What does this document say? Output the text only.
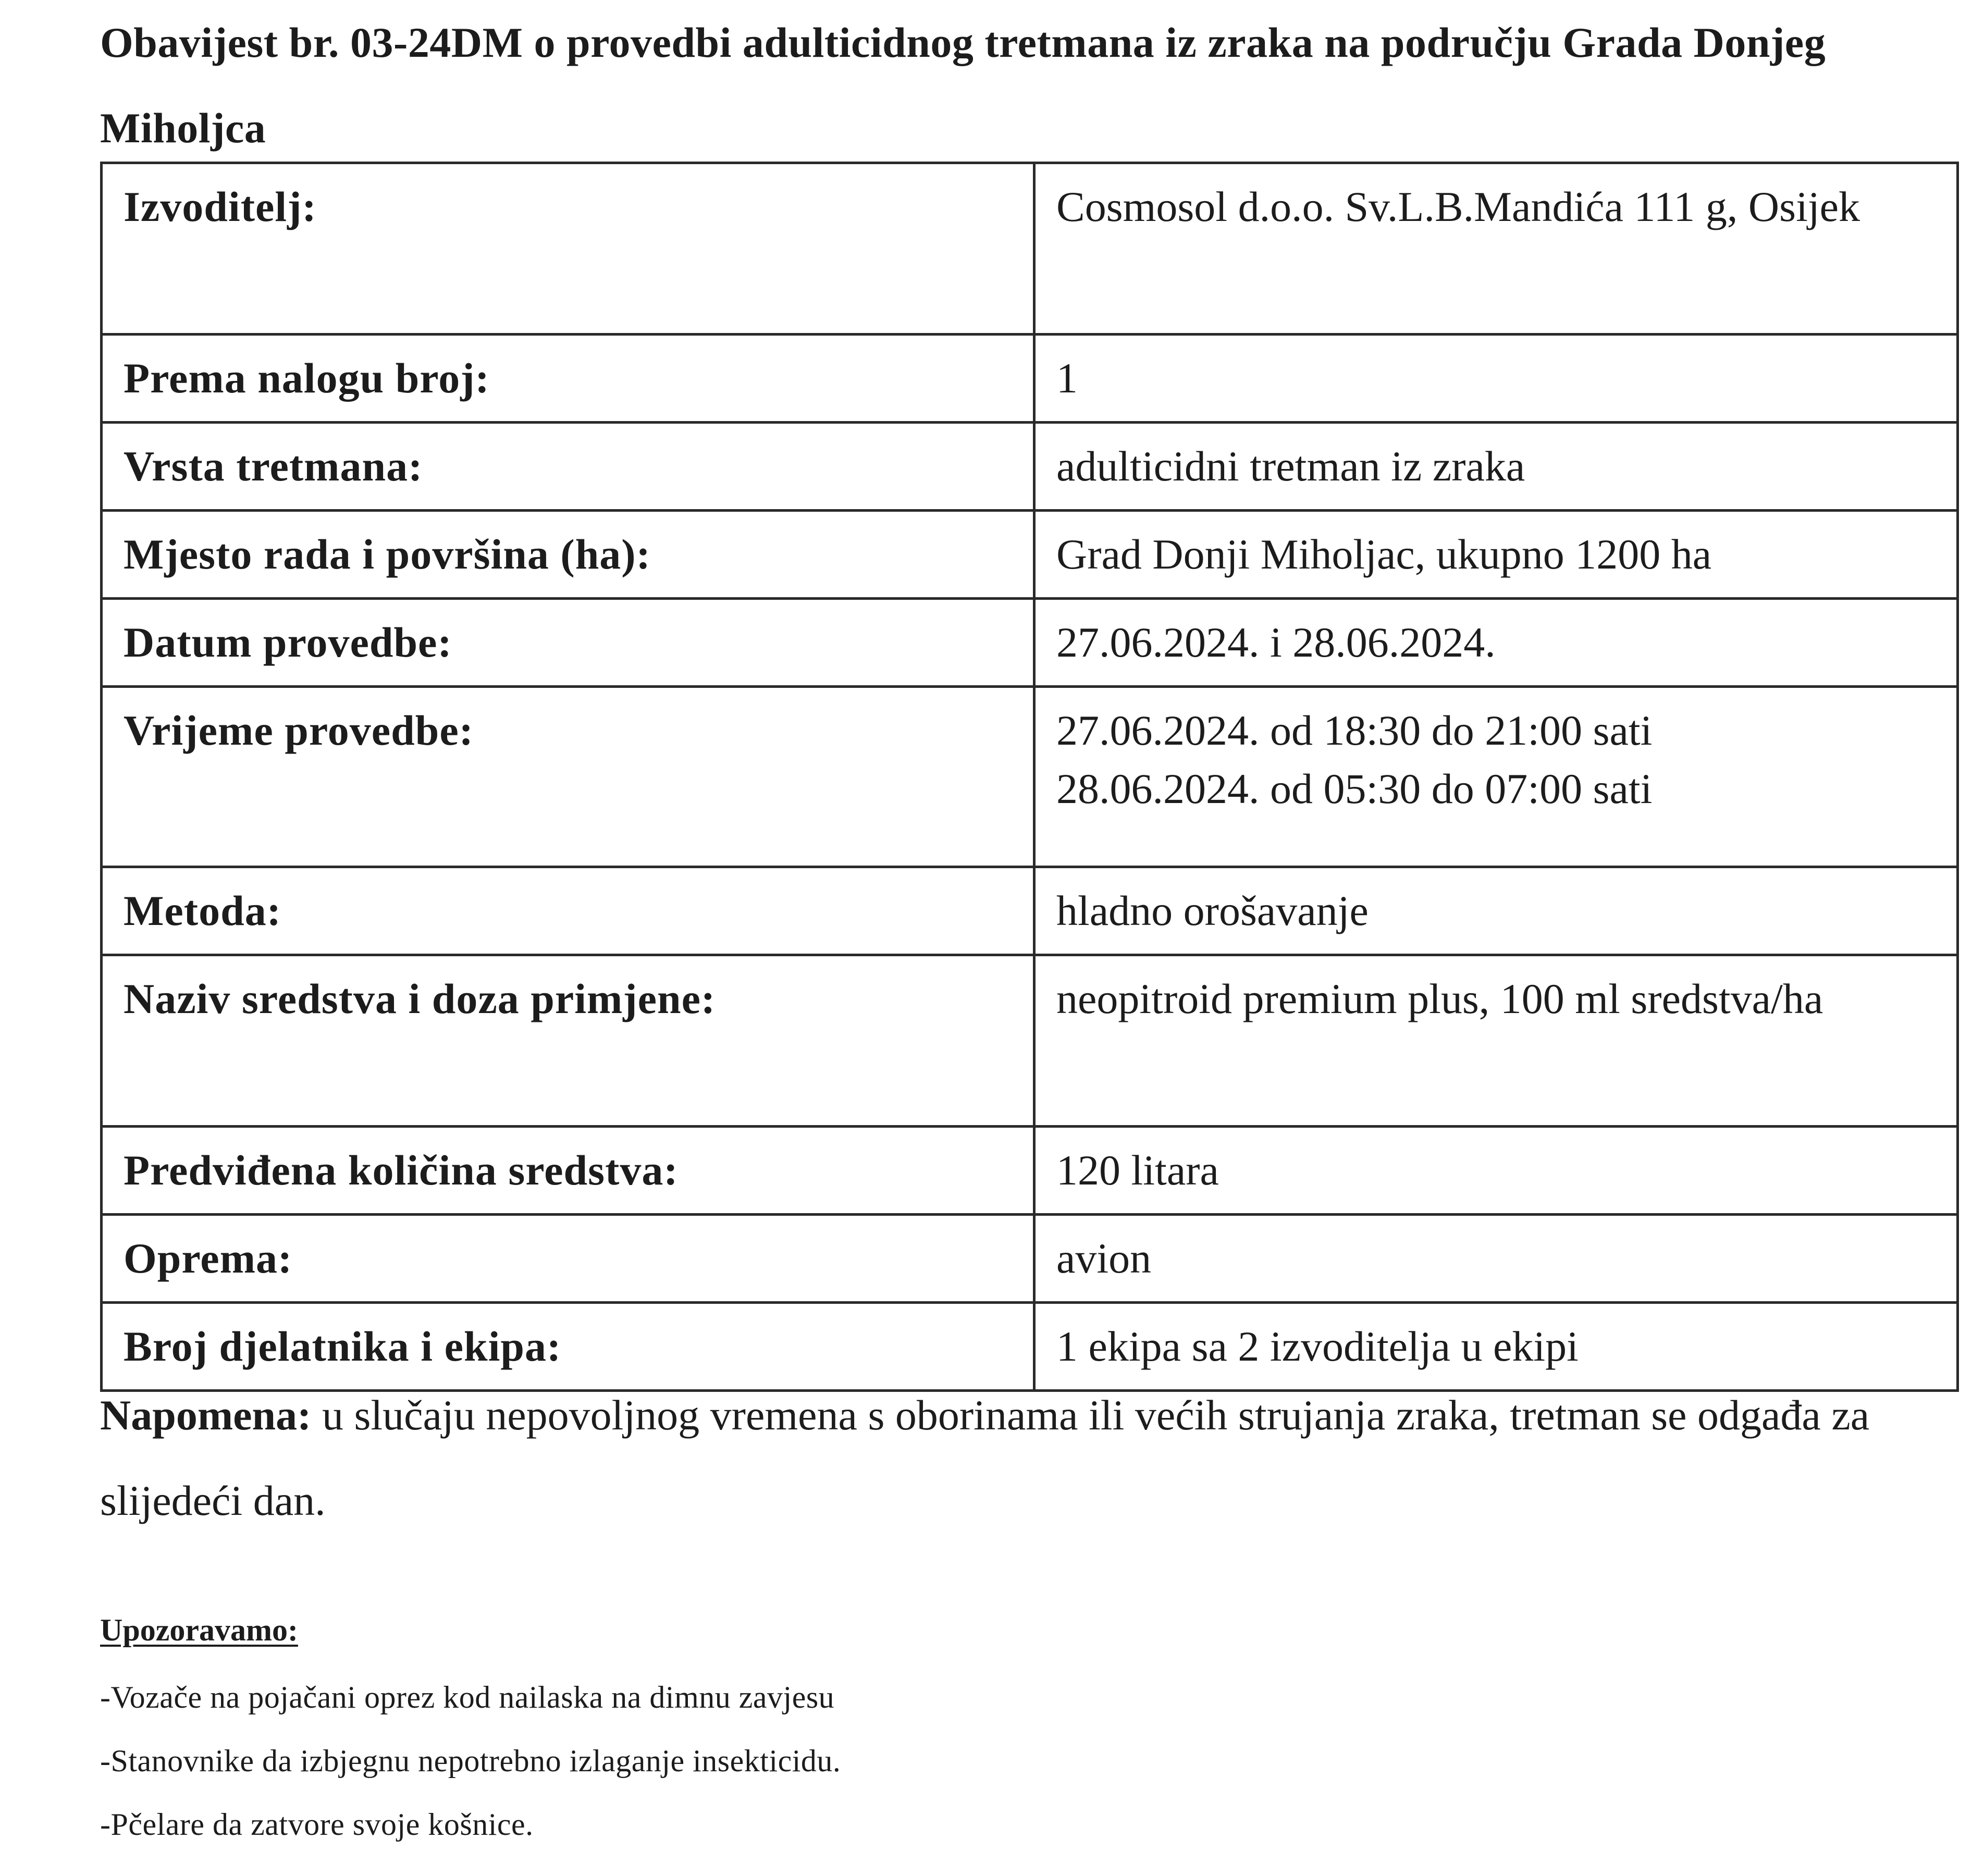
Obavijest br. 03-24DM o provedbi adulticidnog tretmana iz zraka na području Grada Donjeg Miholjca
Izvoditelj:	Cosmosol d.o.o. Sv.L.B.Mandića 111 g, Osijek

Prema nalogu broj:	1

Vrsta tretmana:	adulticidni tretman iz zraka

Mjesto rada i površina (ha):	Grad Donji Miholjac, ukupno 1200 ha

Datum provedbe:	27.06.2024. i 28.06.2024.

Vrijeme provedbe:	27.06.2024. od 18:30 do 21:00 sati
28.06.2024. od 05:30 do 07:00 sati

Metoda:	hladno orošavanje

Naziv sredstva i doza primjene:	neopitroid premium plus, 100 ml sredstva/ha

Predviđena količina sredstva:	120 litara

Oprema:	avion

Broj djelatnika i ekipa:	1 ekipa sa 2 izvoditelja u ekipi

Napomena: u slučaju nepovoljnog vremena s oborinama ili većih strujanja zraka, tretman se odgađa za slijedeći dan.

Upozoravamo:

-Vozače na pojačani oprez kod nailaska na dimnu zavjesu
-Stanovnike da izbjegnu nepotrebno izlaganje insekticidu.
-Pčelare da zatvore svoje košnice.
